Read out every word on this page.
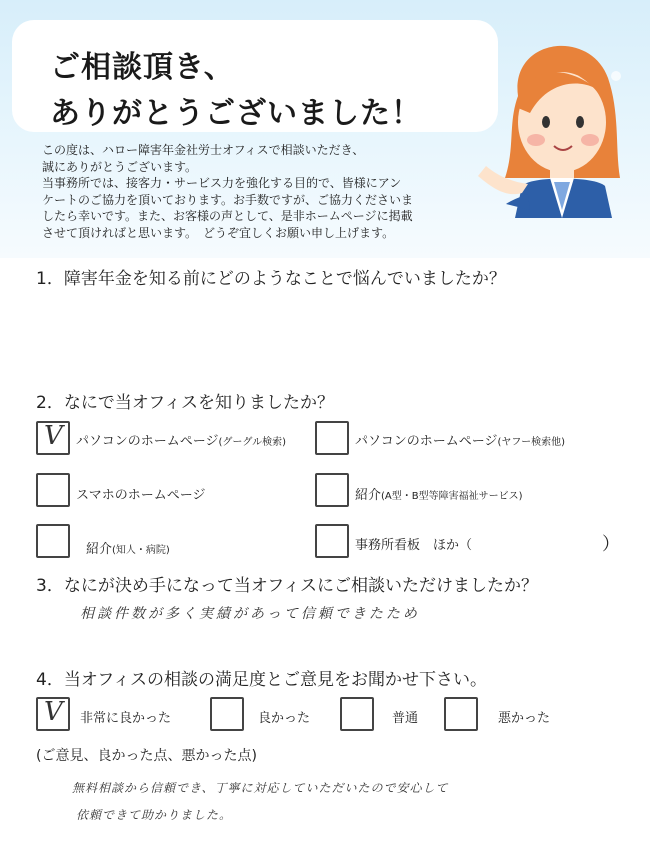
ご相談頂き、
ありがとうございました！
この度は、ハロー障害年金社労士オフィスで相談いただき、
誠にありがとうございます。
当事務所では、接客力・サービス力を強化する目的で、皆様にアン
ケートのご協力を頂いております。お手数ですが、ご協力くださいま
したら幸いです。また、お客様の声として、是非ホームページに掲載
させて頂ければと思います。　どうぞ宜しくお願い申し上げます。
1．障害年金を知る前にどのようなことで悩んでいましたか？
2．なにで当オフィスを知りましたか？
V パソコンのホームページ(グーグル検索)	パソコンのホームページ(ヤフー検索他)
スマホのホームページ	紹介(A型・B型等障害福祉サービス)
紹介(知人・病院)	事務所看板　ほか（	）
3．なにが決め手になって当オフィスにご相談いただけましたか？
相談件数が多く実績があって信頼できたため
4．当オフィスの相談の満足度とご意見をお聞かせ下さい。
V 非常に良かった	良かった	普通	悪かった
(ご意見、良かった点、悪かった点)
無料相談から信頼でき、丁寧に対応していただいたので安心して
依頼できて助かりました。
